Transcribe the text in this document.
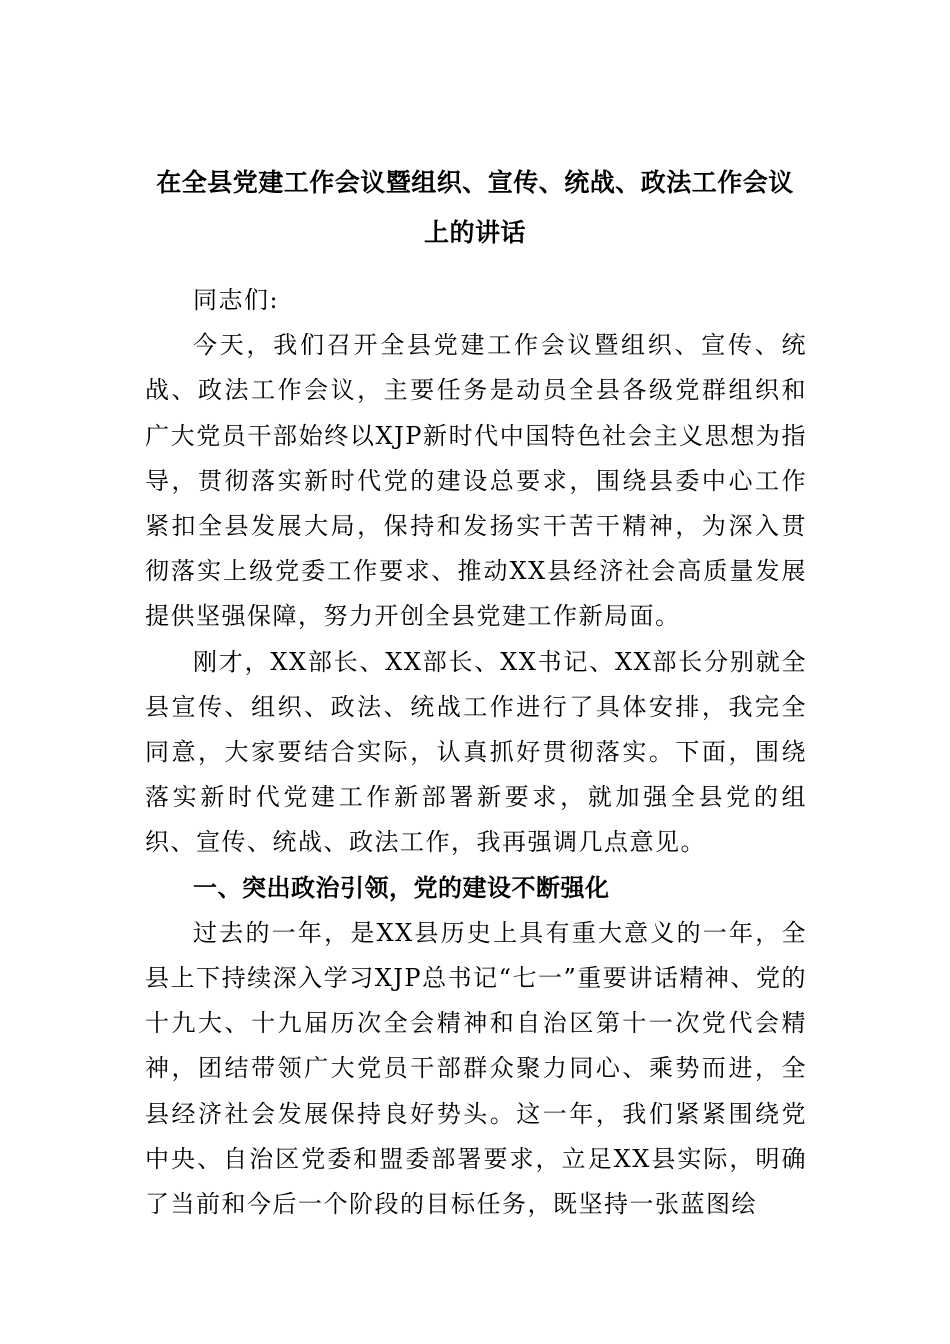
在全县党建工作会议暨组织、宣传、统战、政法工作会议
上的讲话

同志们:

今天，我们召开全县党建工作会议暨组织、宣传、统战、政法工作会议，主要任务是动员全县各级党群组织和广大党员干部始终以XJP新时代中国特色社会主义思想为指导，贯彻落实新时代党的建设总要求，围绕县委中心工作紧扣全县发展大局，保持和发扬实干苦干精神，为深入贯彻落实上级党委工作要求、推动XX县经济社会高质量发展提供坚强保障，努力开创全县党建工作新局面。

刚才，XX部长、XX部长、XX书记、XX部长分别就全县宣传、组织、政法、统战工作进行了具体安排，我完全同意，大家要结合实际，认真抓好贯彻落实。下面，围绕落实新时代党建工作新部署新要求，就加强全县党的组织、宣传、统战、政法工作，我再强调几点意见。

一、突出政治引领，党的建设不断强化

过去的一年，是XX县历史上具有重大意义的一年，全县上下持续深入学习XJP总书记“七一”重要讲话精神、党的十九大、十九届历次全会精神和自治区第十一次党代会精神，团结带领广大党员干部群众聚力同心、乘势而进，全县经济社会发展保持良好势头。这一年，我们紧紧围绕党中央、自治区党委和盟委部署要求，立足XX县实际，明确了当前和今后一个阶段的目标任务，既坚持一张蓝图绘
